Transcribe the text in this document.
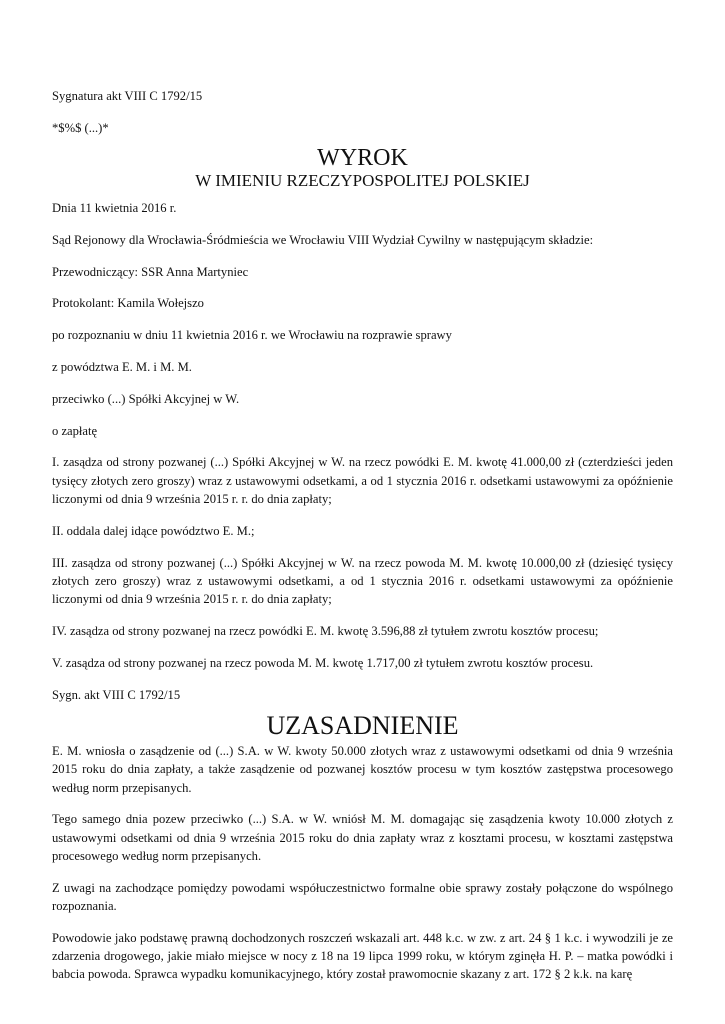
Sygnatura akt VIII C 1792/15

*$%$ (...)*

WYROK
W IMIENIU RZECZYPOSPOLITEJ POLSKIEJ

Dnia 11 kwietnia 2016 r.

Sąd Rejonowy dla Wrocławia-Śródmieścia we Wrocławiu VIII Wydział Cywilny w następującym składzie:

Przewodniczący: SSR Anna Martyniec

Protokolant: Kamila Wołejszo

po rozpoznaniu w dniu 11 kwietnia 2016 r. we Wrocławiu na rozprawie sprawy

z powództwa E. M. i M. M.

przeciwko (...) Spółki Akcyjnej w W.

o zapłatę

I. zasądza od strony pozwanej (...) Spółki Akcyjnej w W. na rzecz powódki E. M. kwotę 41.000,00 zł (czterdzieści jeden tysięcy złotych zero groszy) wraz z ustawowymi odsetkami, a od 1 stycznia 2016 r. odsetkami ustawowymi za opóźnienie liczonymi od dnia 9 września 2015 r. r. do dnia zapłaty;

II. oddala dalej idące powództwo E. M.;

III. zasądza od strony pozwanej (...) Spółki Akcyjnej w W. na rzecz powoda M. M. kwotę 10.000,00 zł (dziesięć tysięcy złotych zero groszy) wraz z ustawowymi odsetkami, a od 1 stycznia 2016 r. odsetkami ustawowymi za opóźnienie liczonymi od dnia 9 września 2015 r. r. do dnia zapłaty;

IV. zasądza od strony pozwanej na rzecz powódki E. M. kwotę 3.596,88 zł tytułem zwrotu kosztów procesu;

V. zasądza od strony pozwanej na rzecz powoda M. M. kwotę 1.717,00 zł tytułem zwrotu kosztów procesu.

Sygn. akt VIII C 1792/15

UZASADNIENIE

E. M. wniosła o zasądzenie od (...) S.A. w W. kwoty 50.000 złotych wraz z ustawowymi odsetkami od dnia 9 września 2015 roku do dnia zapłaty, a także zasądzenie od pozwanej kosztów procesu w tym kosztów zastępstwa procesowego według norm przepisanych.

Tego samego dnia pozew przeciwko (...) S.A. w W. wniósł M. M. domagając się zasądzenia kwoty 10.000 złotych z ustawowymi odsetkami od dnia 9 września 2015 roku do dnia zapłaty wraz z kosztami procesu, w kosztami zastępstwa procesowego według norm przepisanych.

Z uwagi na zachodzące pomiędzy powodami współuczestnictwo formalne obie sprawy zostały połączone do wspólnego rozpoznania.

Powodowie jako podstawę prawną dochodzonych roszczeń wskazali art. 448 k.c. w zw. z art. 24 § 1 k.c. i wywodzili je ze zdarzenia drogowego, jakie miało miejsce w nocy z 18 na 19 lipca 1999 roku, w którym zginęła H. P. – matka powódki i babcia powoda. Sprawca wypadku komunikacyjnego, który został prawomocnie skazany z art. 172 § 2 k.k. na karę
